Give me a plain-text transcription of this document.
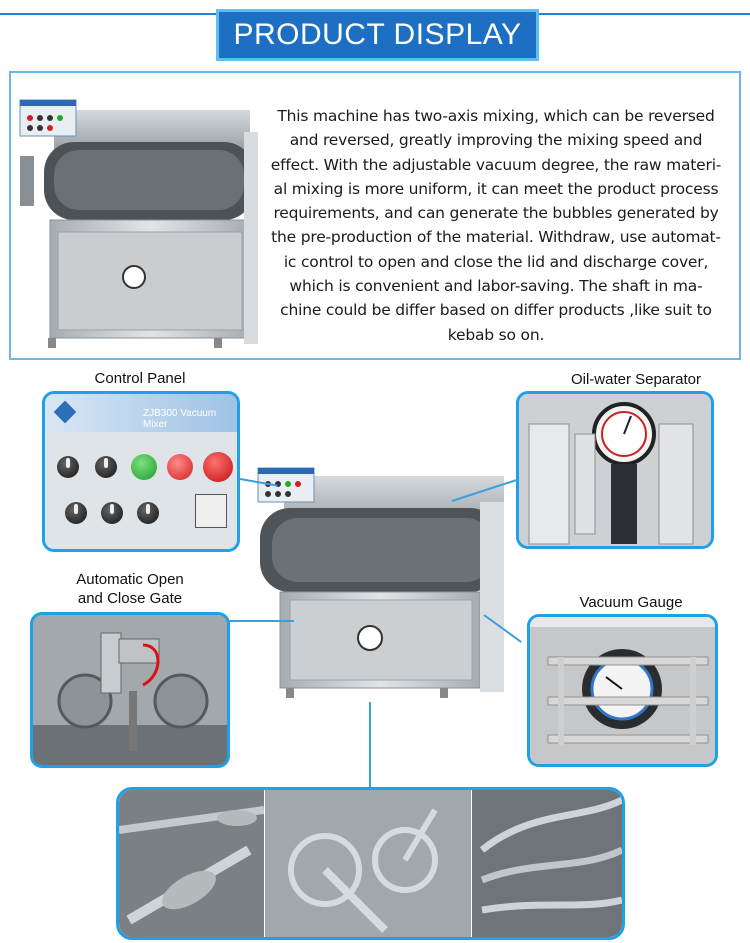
PRODUCT DISPLAY
This machine has two-axis mixing, which can be reversed
and reversed, greatly improving the mixing speed and
effect. With the adjustable vacuum degree, the raw materi-
al mixing is more uniform, it can meet the product process
requirements, and can generate the bubbles generated by
the pre-production of the material. Withdraw, use automat-
ic control to open and close the lid and discharge cover,
which is convenient and labor-saving. The shaft in ma-
chine could be differ based on differ products ,like suit to
kebab so on.
Control Panel	Oil-water Separator
Automatic Open
and Close Gate	Vacuum Gauge
ZJB300 Vacuum Mixer
